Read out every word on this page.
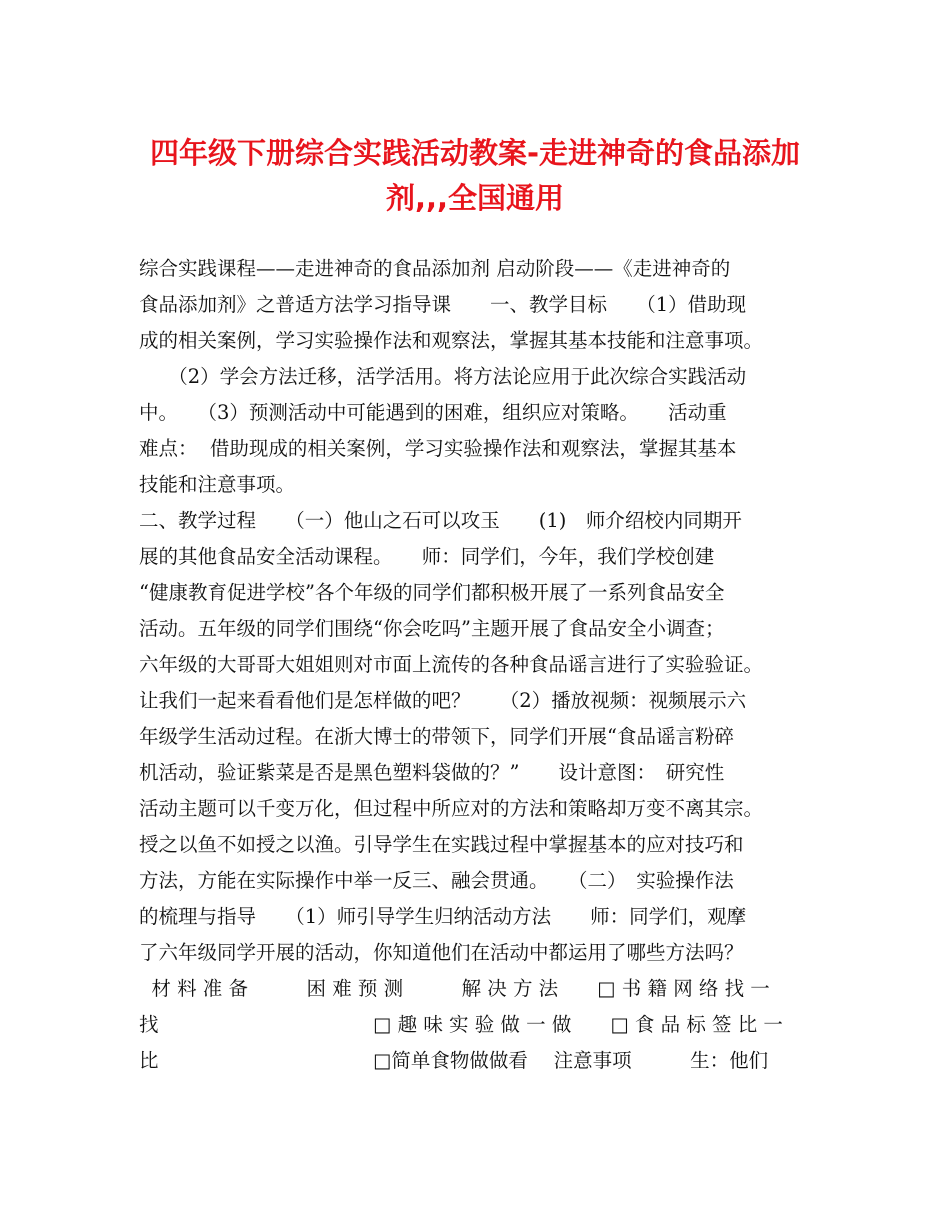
四年级下册综合实践活动教案-走进神奇的食品添加
剂,,,全国通用

综合实践课程——走进神奇的食品添加剂 启动阶段——《走进神奇的

食品添加剂》之普适方法学习指导课　　一、教学目标　　（1）借助现

成的相关案例，学习实验操作法和观察法，掌握其基本技能和注意事项。

　　（2）学会方法迁移，活学活用。将方法论应用于此次综合实践活动

中。　　（3）预测活动中可能遇到的困难，组织应对策略。　　活动重

难点：  借助现成的相关案例，学习实验操作法和观察法，掌握其基本

技能和注意事项。

二、教学过程　　（一）他山之石可以攻玉　　(1)　师介绍校内同期开

展的其他食品安全活动课程。　　师：同学们，今年，我们学校创建

“健康教育促进学校”各个年级的同学们都积极开展了一系列食品安全

活动。五年级的同学们围绕“你会吃吗”主题开展了食品安全小调查；

六年级的大哥哥大姐姐则对市面上流传的各种食品谣言进行了实验验证。

让我们一起来看看他们是怎样做的吧？　　（2）播放视频：视频展示六

年级学生活动过程。在浙大博士的带领下，同学们开展“食品谣言粉碎

机活动，验证紫菜是否是黑色塑料袋做的？”　　设计意图：　研究性

活动主题可以千变万化，但过程中所应对的方法和策略却万变不离其宗。

授之以鱼不如授之以渔。引导学生在实践过程中掌握基本的应对技巧和

方法，方能在实际操作中举一反三、融会贯通。　　（二）　实验操作法

的梳理与指导　　（1）师引导学生归纳活动方法　　师：同学们，观摩

了六年级同学开展的活动，你知道他们在活动中都运用了哪些方法吗？

材 料 准 备　　　困 难 预 测　　　解 决 方 法　　□ 书 籍 网 络 找 一

找　　　　　　　　　　　□ 趣 味 实 验 做 一 做　　□ 食 品 标 签 比 一

比　　　　　　　　　　　□简单食物做做看　 注意事项　　　生：他们
